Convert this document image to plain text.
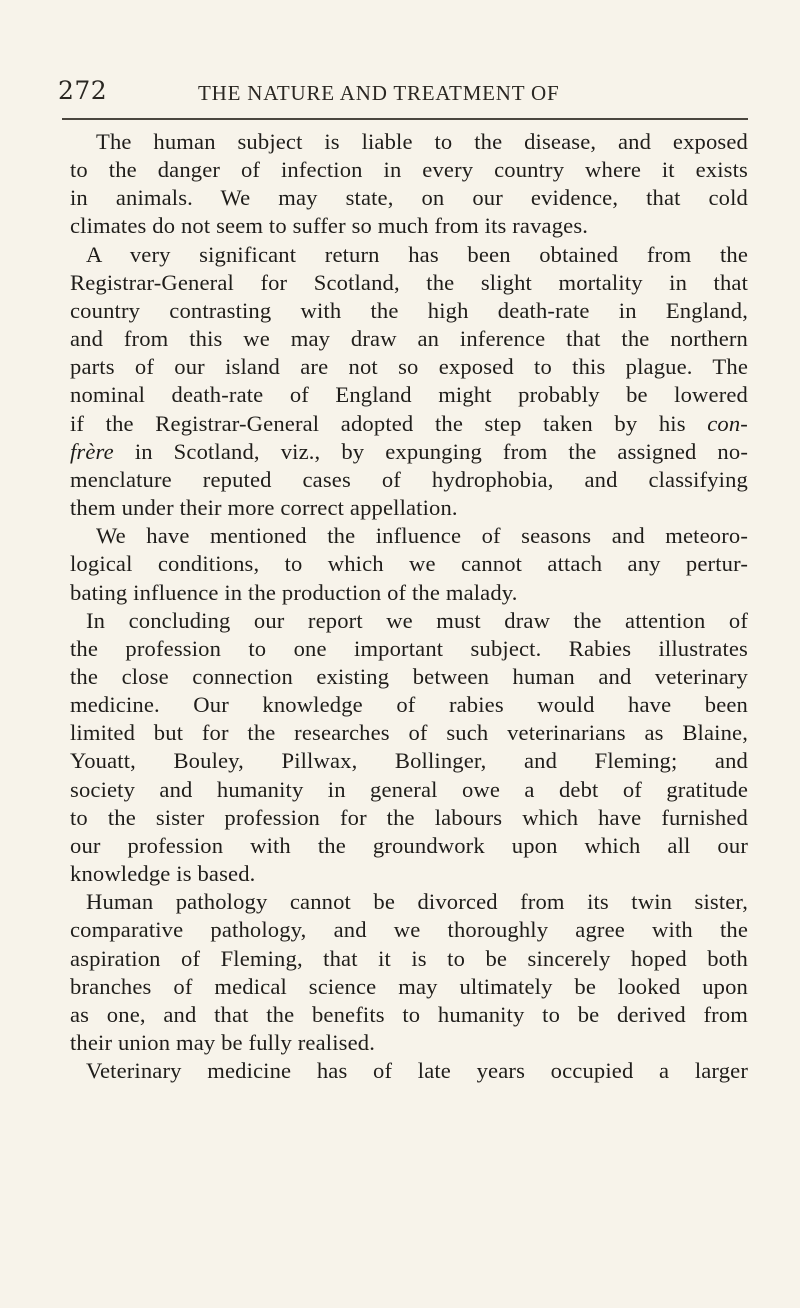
272	THE NATURE AND TREATMENT OF
The human subject is liable to the disease, and exposed
to the danger of infection in every country where it exists
in animals. We may state, on our evidence, that cold
climates do not seem to suffer so much from its ravages.
A very significant return has been obtained from the
Registrar-General for Scotland, the slight mortality in that
country contrasting with the high death-rate in England,
and from this we may draw an inference that the northern
parts of our island are not so exposed to this plague. The
nominal death-rate of England might probably be lowered
if the Registrar-General adopted the step taken by his con-
frère in Scotland, viz., by expunging from the assigned no-
menclature reputed cases of hydrophobia, and classifying
them under their more correct appellation.
We have mentioned the influence of seasons and meteoro-
logical conditions, to which we cannot attach any pertur-
bating influence in the production of the malady.
In concluding our report we must draw the attention of
the profession to one important subject. Rabies illustrates
the close connection existing between human and veterinary
medicine. Our knowledge of rabies would have been
limited but for the researches of such veterinarians as Blaine,
Youatt, Bouley, Pillwax, Bollinger, and Fleming; and
society and humanity in general owe a debt of gratitude
to the sister profession for the labours which have furnished
our profession with the groundwork upon which all our
knowledge is based.
Human pathology cannot be divorced from its twin sister,
comparative pathology, and we thoroughly agree with the
aspiration of Fleming, that it is to be sincerely hoped both
branches of medical science may ultimately be looked upon
as one, and that the benefits to humanity to be derived from
their union may be fully realised.
Veterinary medicine has of late years occupied a larger
